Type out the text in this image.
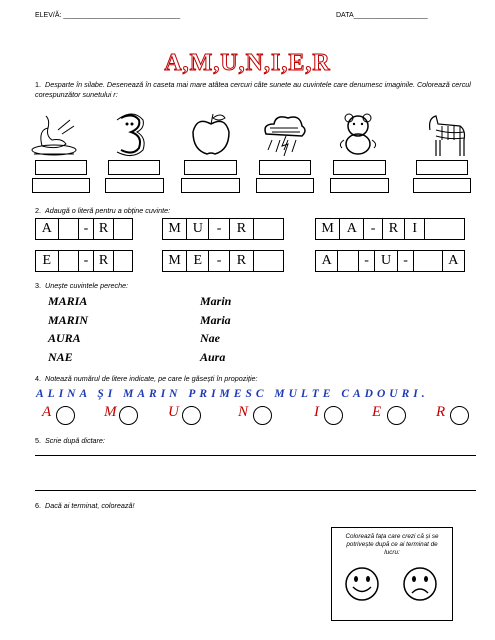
ELEV/Ă: ______________________________	DATA___________________
A,M,U,N,I,E,R
1. Desparte în silabe. Desenează în caseta mai mare atâtea cercuri câte sunete au cuvintele care denumesc imaginile. Colorează cercul corespunzător sunetului r:
2. Adaugă o literă pentru a obține cuvinte:
A	- R	M U -	R	M A - R	I
E	- R	M E	-	R	A	- U -	A
3. Unește cuvintele pereche:
MARIA
MARIN
AURA
NAE
Marin
Maria
Nae
Aura
4. Notează numărul de litere indicate, pe care le găsești în propoziție:
ALINA ȘI MARIN PRIMESC MULTE CADOURI.
A	M	U	N	I	E	R
5. Scrie după dictare:
6. Dacă ai terminat, colorează!
Colorează fața care crezi că și se potrivește după ce ai terminat de lucru:
